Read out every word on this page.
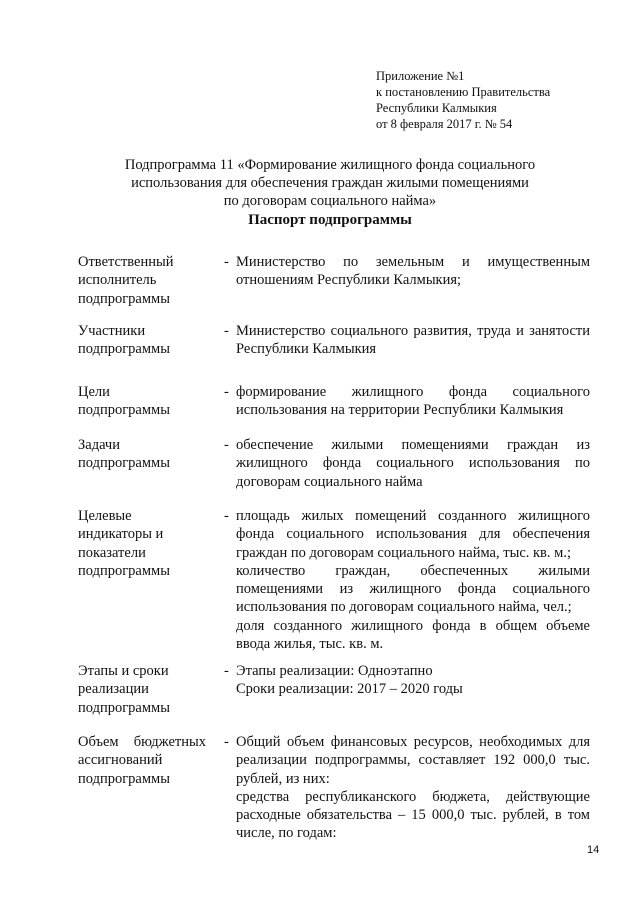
Приложение №1
к постановлению Правительства
Республики Калмыкия
от 8 февраля 2017 г. № 54
Подпрограмма 11 «Формирование жилищного фонда социального
использования для обеспечения граждан жилыми помещениями
по договорам социального найма»
Паспорт подпрограммы
Ответственный
исполнитель
подпрограммы
- Министерство по земельным и имущественным отношениям Республики Калмыкия;

Участники
подпрограммы
- Министерство социального развития, труда и занятости Республики Калмыкия

Цели
подпрограммы
- формирование жилищного фонда социального использования на территории Республики Калмыкия

Задачи
подпрограммы
- обеспечение жилыми помещениями граждан из жилищного фонда социального использования по договорам социального найма

Целевые
индикаторы и
показатели
подпрограммы
- площадь жилых помещений созданного жилищного фонда социального использования для обеспечения граждан по договорам социального найма, тыс. кв. м.;

количество граждан, обеспеченных жилыми помещениями из жилищного фонда социального использования по договорам социального найма, чел.;

доля созданного жилищного фонда в общем объеме ввода жилья, тыс. кв. м.

Этапы и сроки
реализации
подпрограммы
- Этапы реализации: Одноэтапно

Сроки реализации: 2017 – 2020 годы

Объем бюджетных
ассигнований
подпрограммы
- Общий объем финансовых ресурсов, необходимых для реализации подпрограммы, составляет 192 000,0 тыс. рублей, из них:

средства республиканского бюджета, действующие расходные обязательства – 15 000,0 тыс. рублей, в том числе, по годам:

14
